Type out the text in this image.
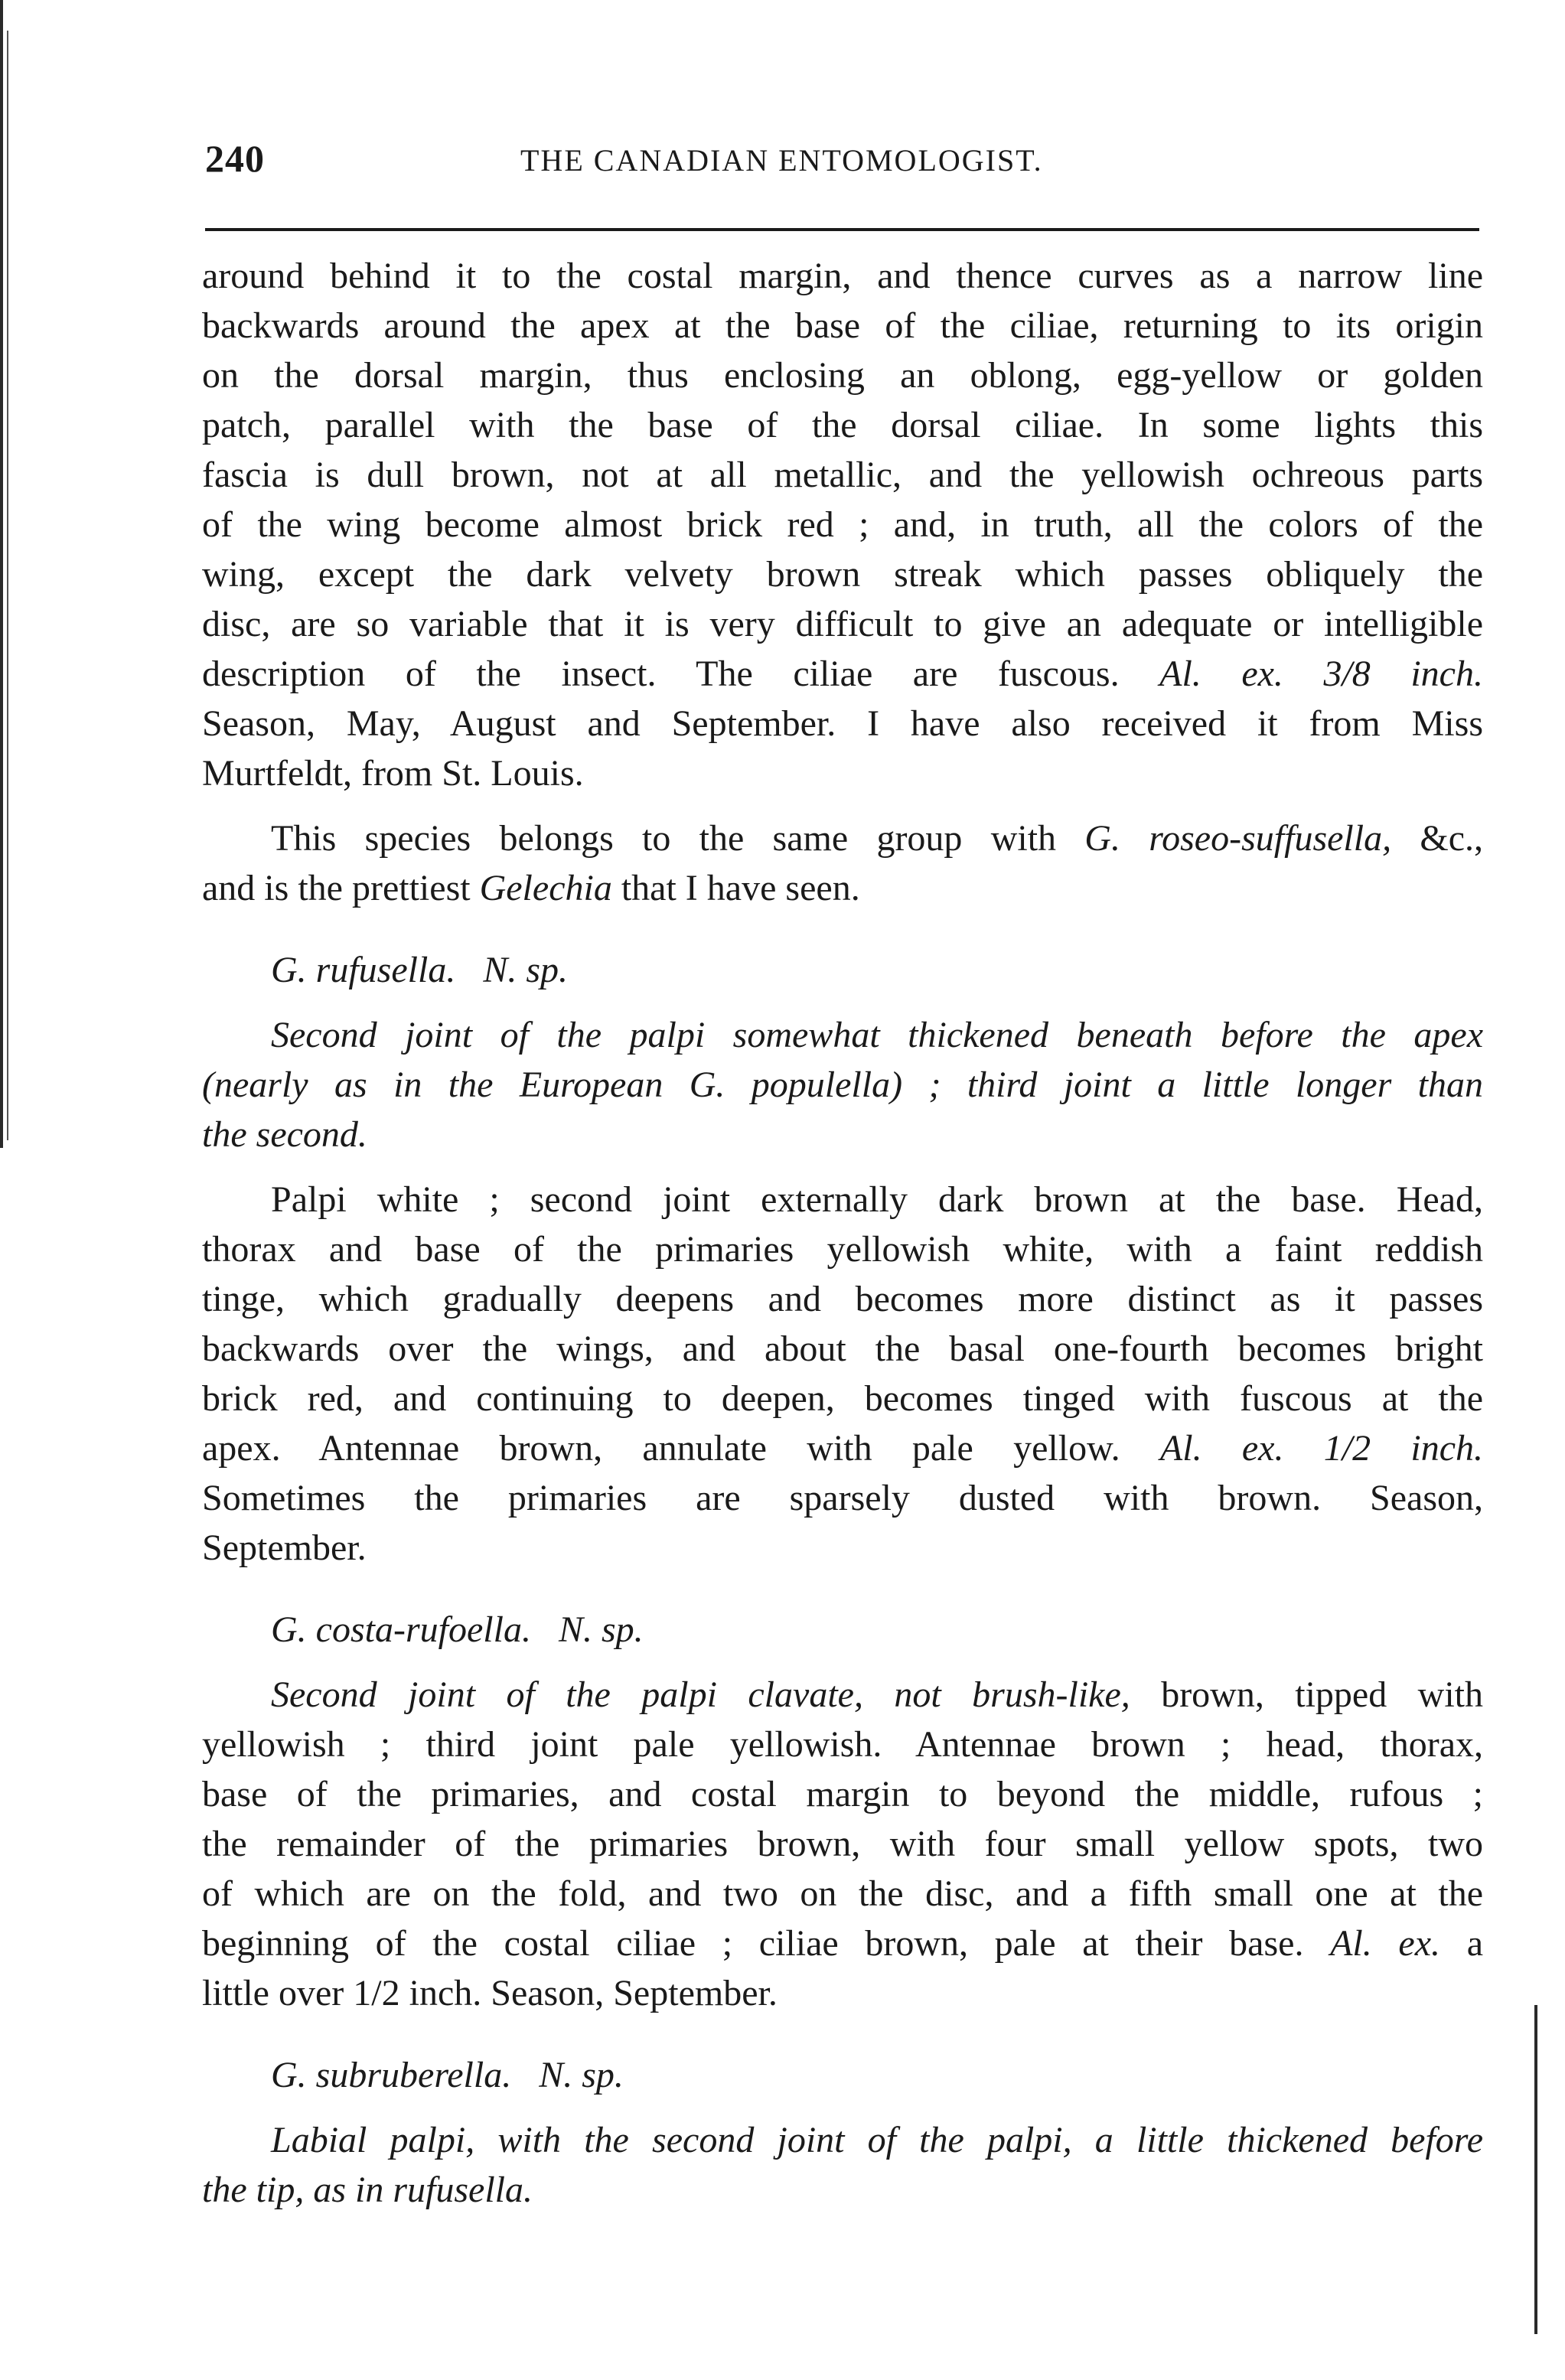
240	THE CANADIAN ENTOMOLOGIST.

around behind it to the costal margin, and thence curves as a narrow line

backwards around the apex at the base of the ciliae, returning to its origin

on the dorsal margin, thus enclosing an oblong, egg-yellow or golden

patch, parallel with the base of the dorsal ciliae. In some lights this

fascia is dull brown, not at all metallic, and the yellowish ochreous parts

of the wing become almost brick red ; and, in truth, all the colors of the

wing, except the dark velvety brown streak which passes obliquely the

disc, are so variable that it is very difficult to give an adequate or intelligible

description of the insect. The ciliae are fuscous. Al. ex. 3/8 inch.

Season, May, August and September. I have also received it from Miss

Murtfeldt, from St. Louis.

This species belongs to the same group with G. roseo-suffusella, &c.,

and is the prettiest Gelechia that I have seen.

G. rufusella.   N. sp.

Second joint of the palpi somewhat thickened beneath before the apex

(nearly as in the European G. populella) ; third joint a little longer than

the second.

Palpi white ; second joint externally dark brown at the base. Head,

thorax and base of the primaries yellowish white, with a faint reddish

tinge, which gradually deepens and becomes more distinct as it passes

backwards over the wings, and about the basal one-fourth becomes bright

brick red, and continuing to deepen, becomes tinged with fuscous at the

apex. Antennae brown, annulate with pale yellow. Al. ex. 1/2 inch.

Sometimes the primaries are sparsely dusted with brown. Season,

September.

G. costa-rufoella.   N. sp.

Second joint of the palpi clavate, not brush-like, brown, tipped with

yellowish ; third joint pale yellowish. Antennae brown ; head, thorax,

base of the primaries, and costal margin to beyond the middle, rufous ;

the remainder of the primaries brown, with four small yellow spots, two

of which are on the fold, and two on the disc, and a fifth small one at the

beginning of the costal ciliae ; ciliae brown, pale at their base. Al. ex. a

little over 1/2 inch. Season, September.

G. subruberella.   N. sp.

Labial palpi, with the second joint of the palpi, a little thickened before

the tip, as in rufusella.
